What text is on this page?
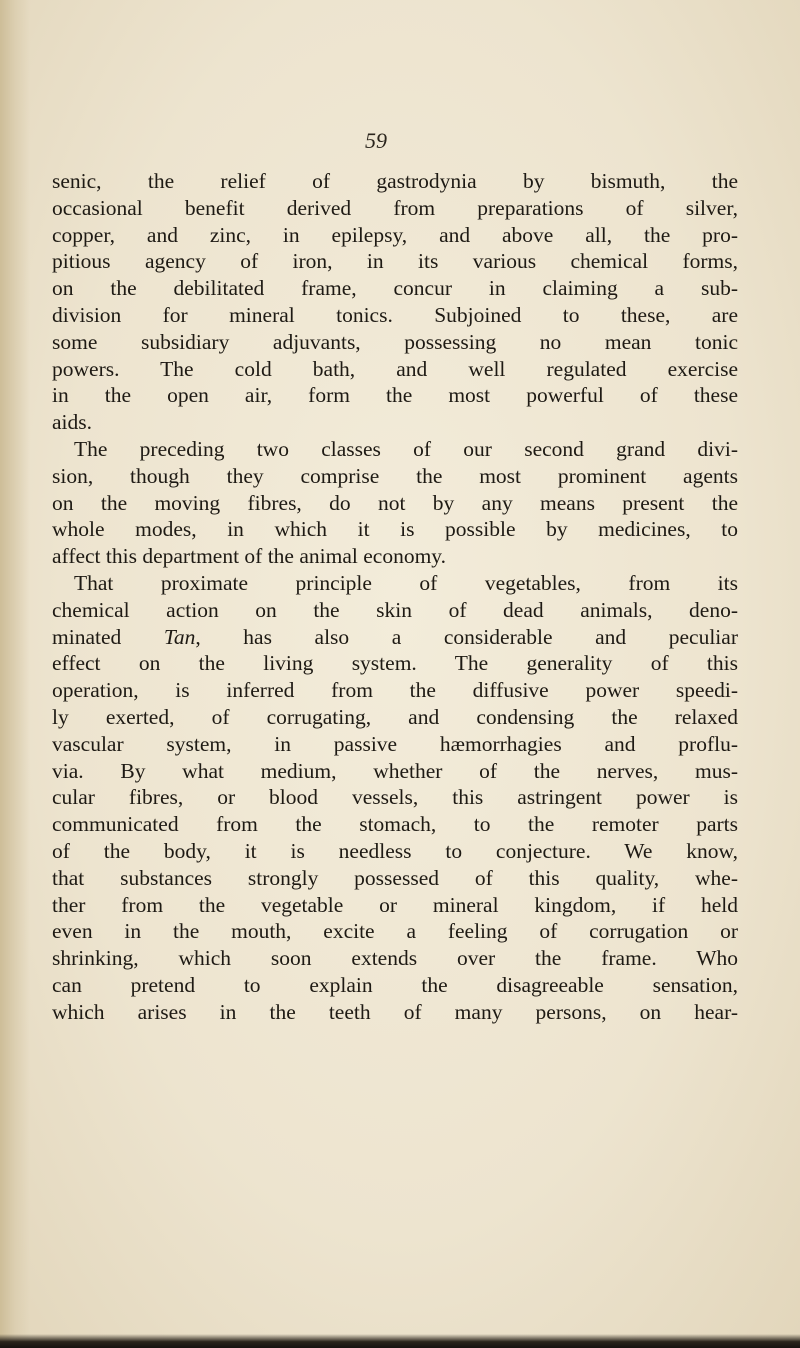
59
senic, the relief of gastrodynia by bismuth, the
occasional benefit derived from preparations of silver,
copper, and zinc, in epilepsy, and above all, the pro-
pitious agency of iron, in its various chemical forms,
on the debilitated frame, concur in claiming a sub-
division for mineral tonics. Subjoined to these, are
some subsidiary adjuvants, possessing no mean tonic
powers. The cold bath, and well regulated exercise
in the open air, form the most powerful of these
aids.
The preceding two classes of our second grand divi-
sion, though they comprise the most prominent agents
on the moving fibres, do not by any means present the
whole modes, in which it is possible by medicines, to
affect this department of the animal economy.
That proximate principle of vegetables, from its
chemical action on the skin of dead animals, deno-
minated Tan, has also a considerable and peculiar
effect on the living system. The generality of this
operation, is inferred from the diffusive power speedi-
ly exerted, of corrugating, and condensing the relaxed
vascular system, in passive hæmorrhagies and proflu-
via. By what medium, whether of the nerves, mus-
cular fibres, or blood vessels, this astringent power is
communicated from the stomach, to the remoter parts
of the body, it is needless to conjecture. We know,
that substances strongly possessed of this quality, whe-
ther from the vegetable or mineral kingdom, if held
even in the mouth, excite a feeling of corrugation or
shrinking, which soon extends over the frame. Who
can pretend to explain the disagreeable sensation,
which arises in the teeth of many persons, on hear-
